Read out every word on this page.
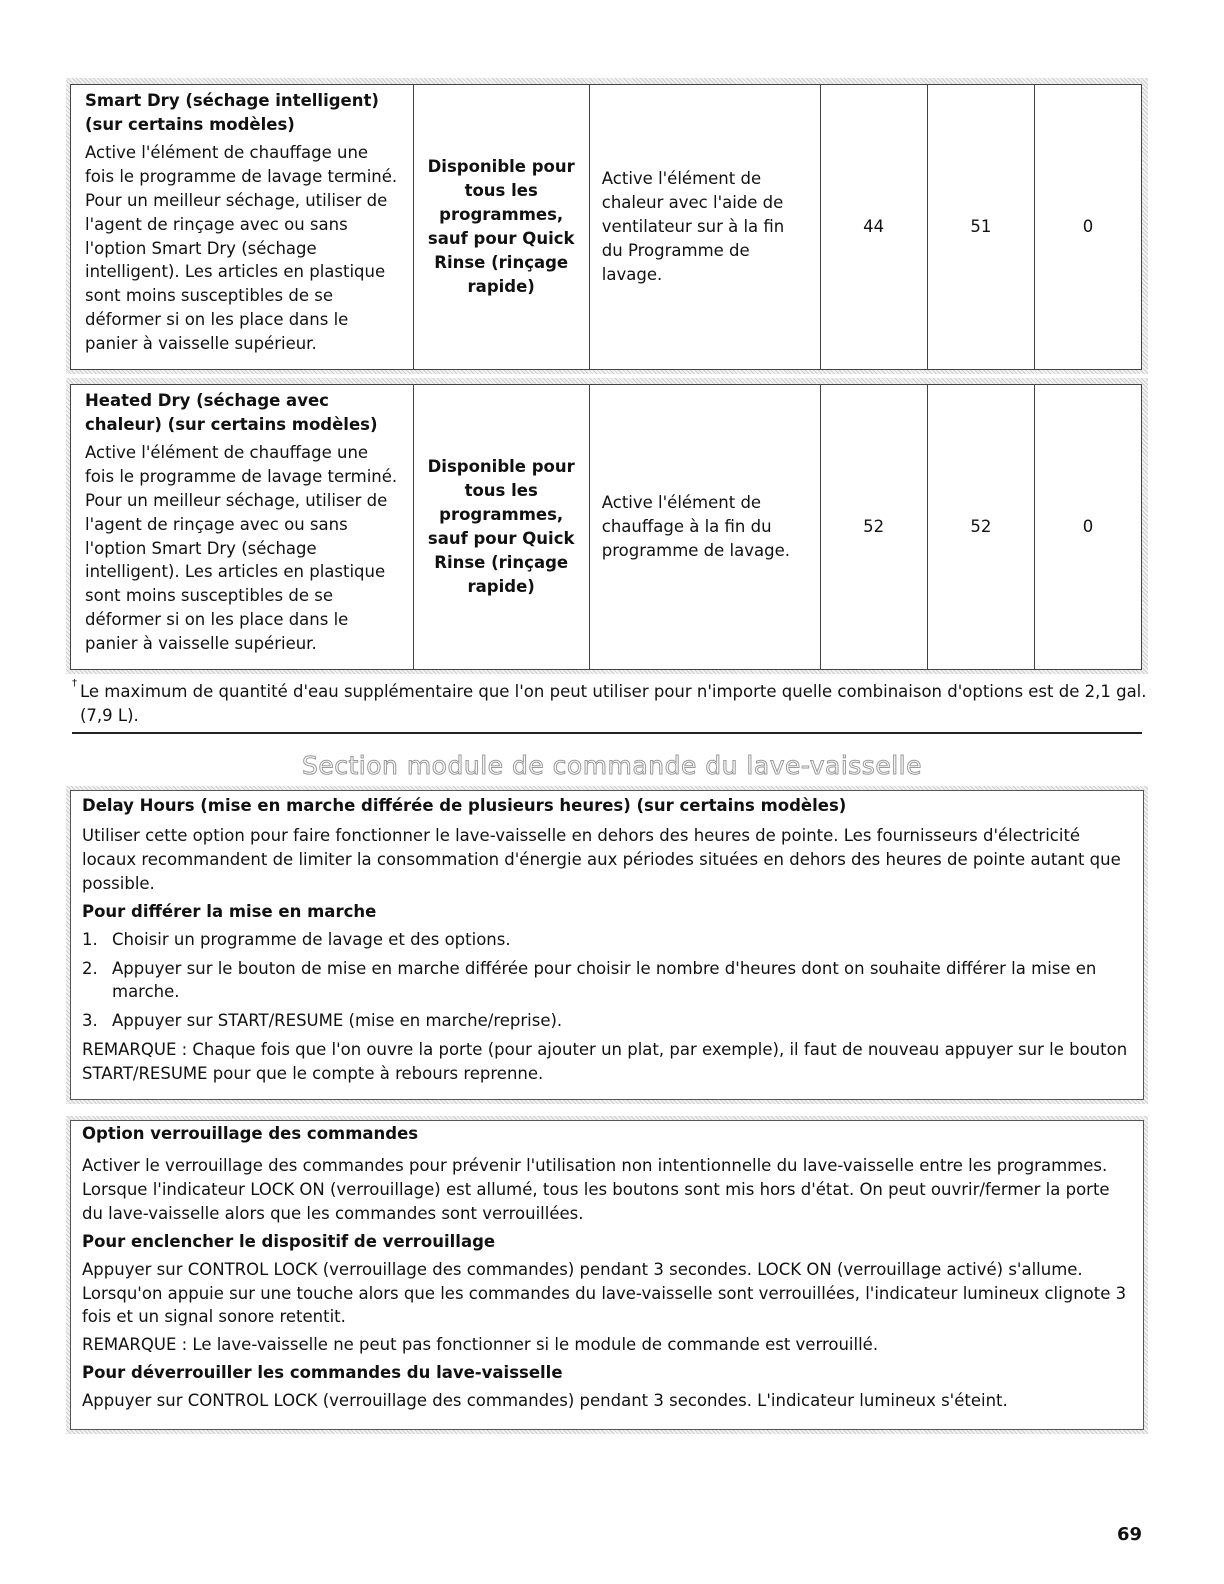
Smart Dry (séchage intelligent) (sur certains modèles)
Active l'élément de chauffage une fois le programme de lavage terminé. Pour un meilleur séchage, utiliser de l'agent de rinçage avec ou sans l'option Smart Dry (séchage intelligent). Les articles en plastique sont moins susceptibles de se déformer si on les place dans le panier à vaisselle supérieur.
	Disponible pour tous les programmes, sauf pour Quick Rinse (rinçage rapide)	Active l'élément de chaleur avec l'aide de ventilateur sur à la fin du Programme de lavage.	44	51	0
Heated Dry (séchage avec chaleur) (sur certains modèles)
Active l'élément de chauffage une fois le programme de lavage terminé. Pour un meilleur séchage, utiliser de l'agent de rinçage avec ou sans l'option Smart Dry (séchage intelligent). Les articles en plastique sont moins susceptibles de se déformer si on les place dans le panier à vaisselle supérieur.
	Disponible pour tous les programmes, sauf pour Quick Rinse (rinçage rapide)	Active l'élément de chauffage à la fin du programme de lavage.	52	52	0
† Le maximum de quantité d'eau supplémentaire que l'on peut utiliser pour n'importe quelle combinaison d'options est de 2,1 gal. (7,9 L).
Section module de commande du lave-vaisselle

Delay Hours (mise en marche différée de plusieurs heures) (sur certains modèles)

Utiliser cette option pour faire fonctionner le lave-vaisselle en dehors des heures de pointe. Les fournisseurs d'électricité locaux recommandent de limiter la consommation d'énergie aux périodes situées en dehors des heures de pointe autant que possible.

Pour différer la mise en marche

1. Choisir un programme de lavage et des options.
2. Appuyer sur le bouton de mise en marche différée pour choisir le nombre d'heures dont on souhaite différer la mise en marche.
3. Appuyer sur START/RESUME (mise en marche/reprise).

REMARQUE : Chaque fois que l'on ouvre la porte (pour ajouter un plat, par exemple), il faut de nouveau appuyer sur le bouton START/RESUME pour que le compte à rebours reprenne.

Option verrouillage des commandes

Activer le verrouillage des commandes pour prévenir l'utilisation non intentionnelle du lave-vaisselle entre les programmes. Lorsque l'indicateur LOCK ON (verrouillage) est allumé, tous les boutons sont mis hors d'état. On peut ouvrir/fermer la porte du lave-vaisselle alors que les commandes sont verrouillées.

Pour enclencher le dispositif de verrouillage

Appuyer sur CONTROL LOCK (verrouillage des commandes) pendant 3 secondes. LOCK ON (verrouillage activé) s'allume. Lorsqu'on appuie sur une touche alors que les commandes du lave-vaisselle sont verrouillées, l'indicateur lumineux clignote 3 fois et un signal sonore retentit.

REMARQUE : Le lave-vaisselle ne peut pas fonctionner si le module de commande est verrouillé.

Pour déverrouiller les commandes du lave-vaisselle

Appuyer sur CONTROL LOCK (verrouillage des commandes) pendant 3 secondes. L'indicateur lumineux s'éteint.

69
